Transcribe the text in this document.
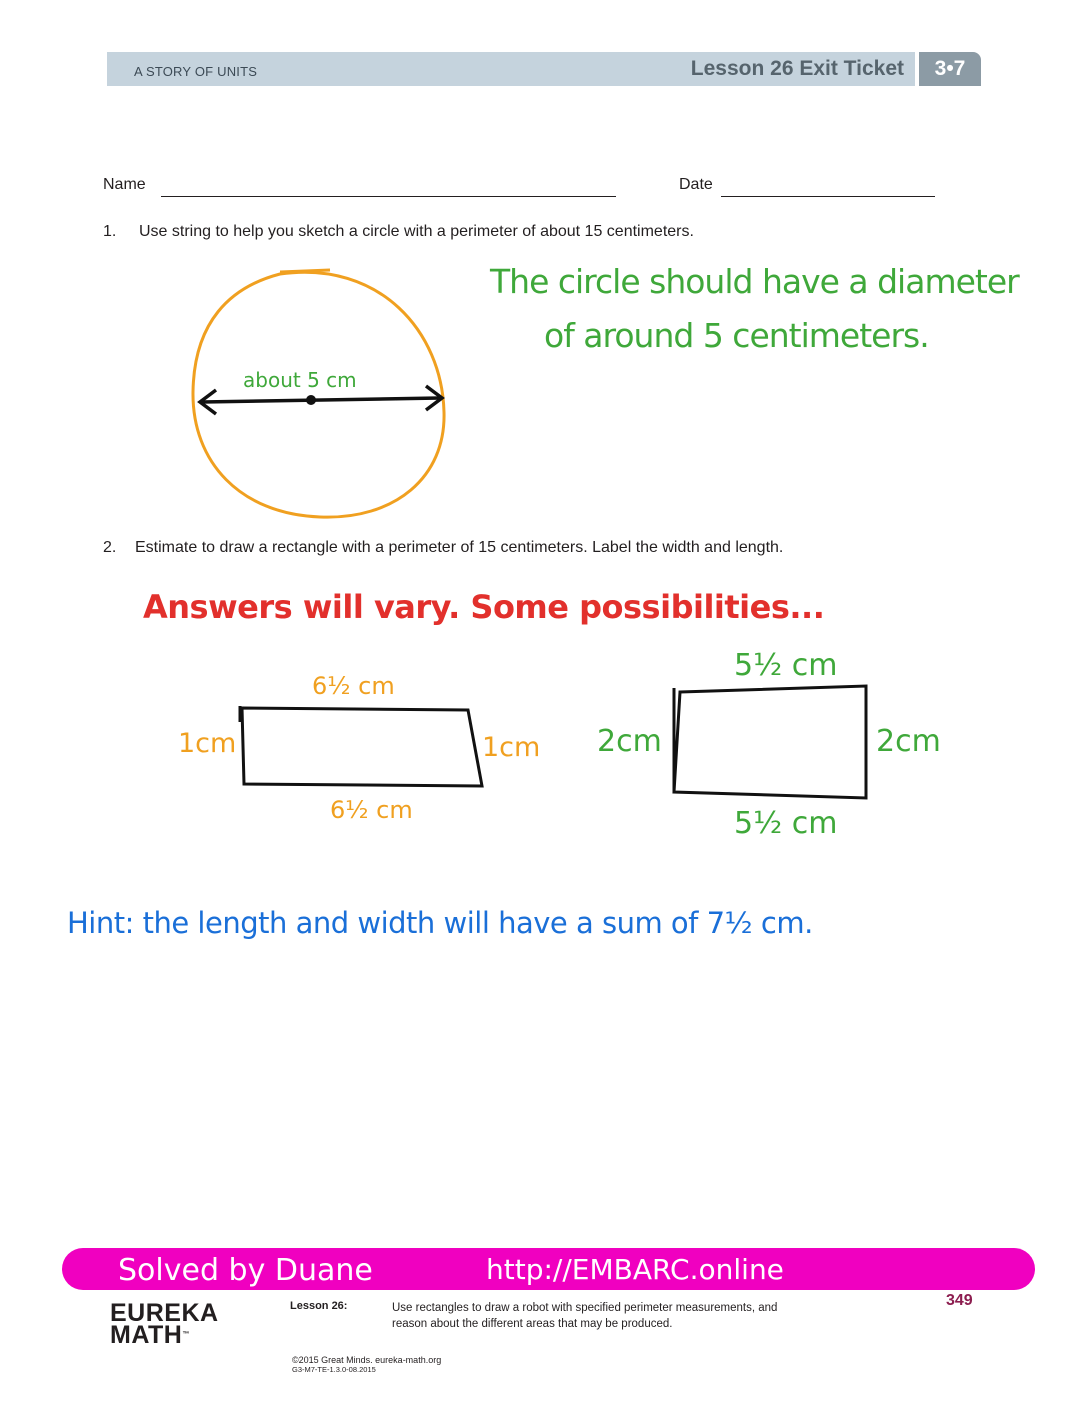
A STORY OF UNITS	Lesson 26 Exit Ticket	3•7
Name	Date
1. Use string to help you sketch a circle with a perimeter of about 15 centimeters.
about 5 cm
The circle should have a diameter
of around 5 centimeters.
2. Estimate to draw a rectangle with a perimeter of 15 centimeters. Label the width and length.
Answers will vary. Some possibilities...
6½ cm
6½ cm
1cm	1cm
5½ cm
5½ cm
2cm	2cm
Hint: the length and width will have a sum of 7½ cm.
Solved by Duane	http://EMBARC.online
EUREKA
MATH™
Lesson 26:	Use rectangles to draw a robot with specified perimeter measurements, and reason about the different areas that may be produced.
349
©2015 Great Minds. eureka-math.org
G3-M7-TE-1.3.0-08.2015
